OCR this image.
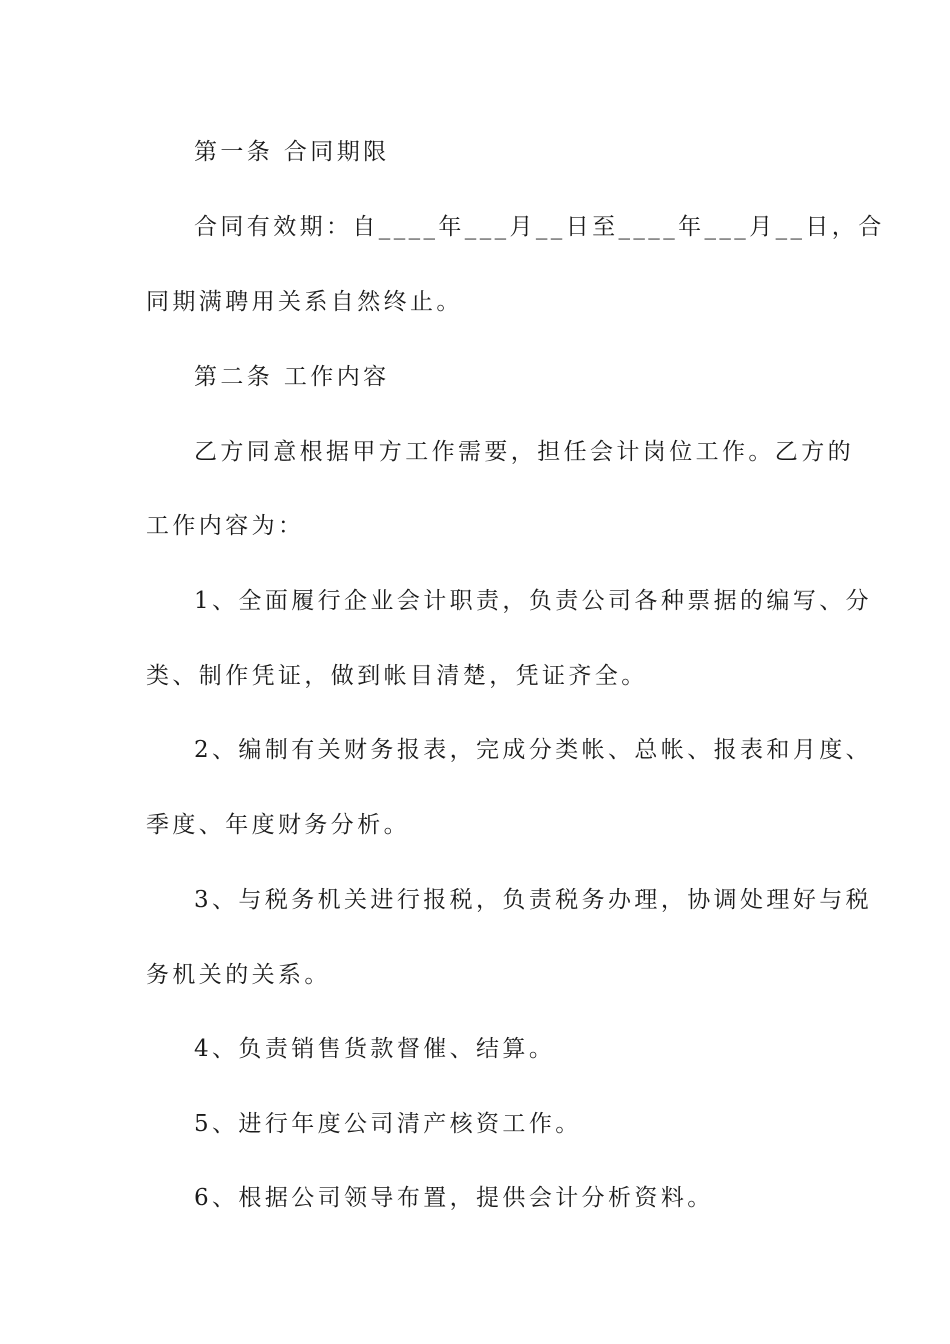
第一条 合同期限
合同有效期：自____年___月__日至____年___月__日，合
同期满聘用关系自然终止。
第二条 工作内容
乙方同意根据甲方工作需要，担任会计岗位工作。乙方的
工作内容为：
1、全面履行企业会计职责，负责公司各种票据的编写、分
类、制作凭证，做到帐目清楚，凭证齐全。
2、编制有关财务报表，完成分类帐、总帐、报表和月度、
季度、年度财务分析。
3、与税务机关进行报税，负责税务办理，协调处理好与税
务机关的关系。
4、负责销售货款督催、结算。
5、进行年度公司清产核资工作。
6、根据公司领导布置，提供会计分析资料。
